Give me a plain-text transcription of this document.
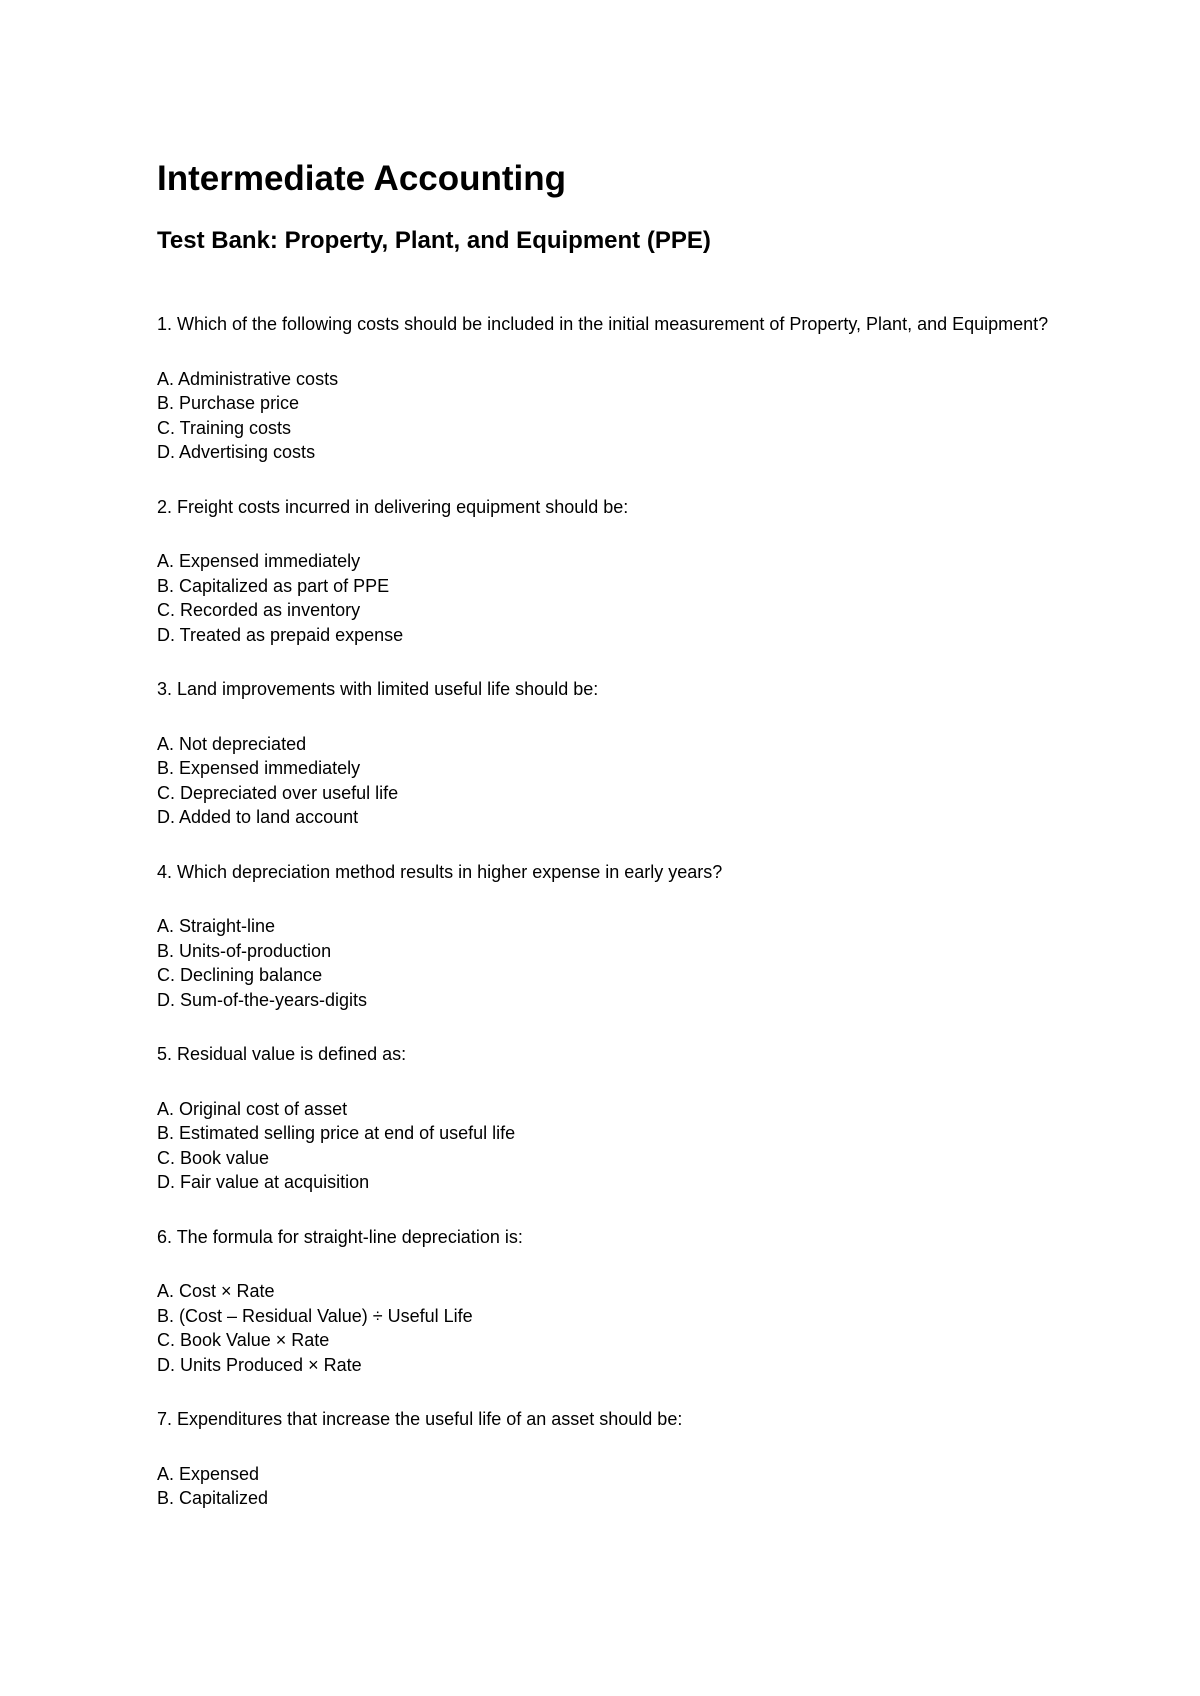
Intermediate Accounting
Test Bank: Property, Plant, and Equipment (PPE)

1. Which of the following costs should be included in the initial measurement of Property, Plant, and Equipment?

A. Administrative costs
B. Purchase price
C. Training costs
D. Advertising costs

2. Freight costs incurred in delivering equipment should be:

A. Expensed immediately
B. Capitalized as part of PPE
C. Recorded as inventory
D. Treated as prepaid expense

3. Land improvements with limited useful life should be:

A. Not depreciated
B. Expensed immediately
C. Depreciated over useful life
D. Added to land account

4. Which depreciation method results in higher expense in early years?

A. Straight-line
B. Units-of-production
C. Declining balance
D. Sum-of-the-years-digits

5. Residual value is defined as:

A. Original cost of asset
B. Estimated selling price at end of useful life
C. Book value
D. Fair value at acquisition

6. The formula for straight-line depreciation is:

A. Cost × Rate
B. (Cost – Residual Value) ÷ Useful Life
C. Book Value × Rate
D. Units Produced × Rate

7. Expenditures that increase the useful life of an asset should be:

A. Expensed
B. Capitalized
